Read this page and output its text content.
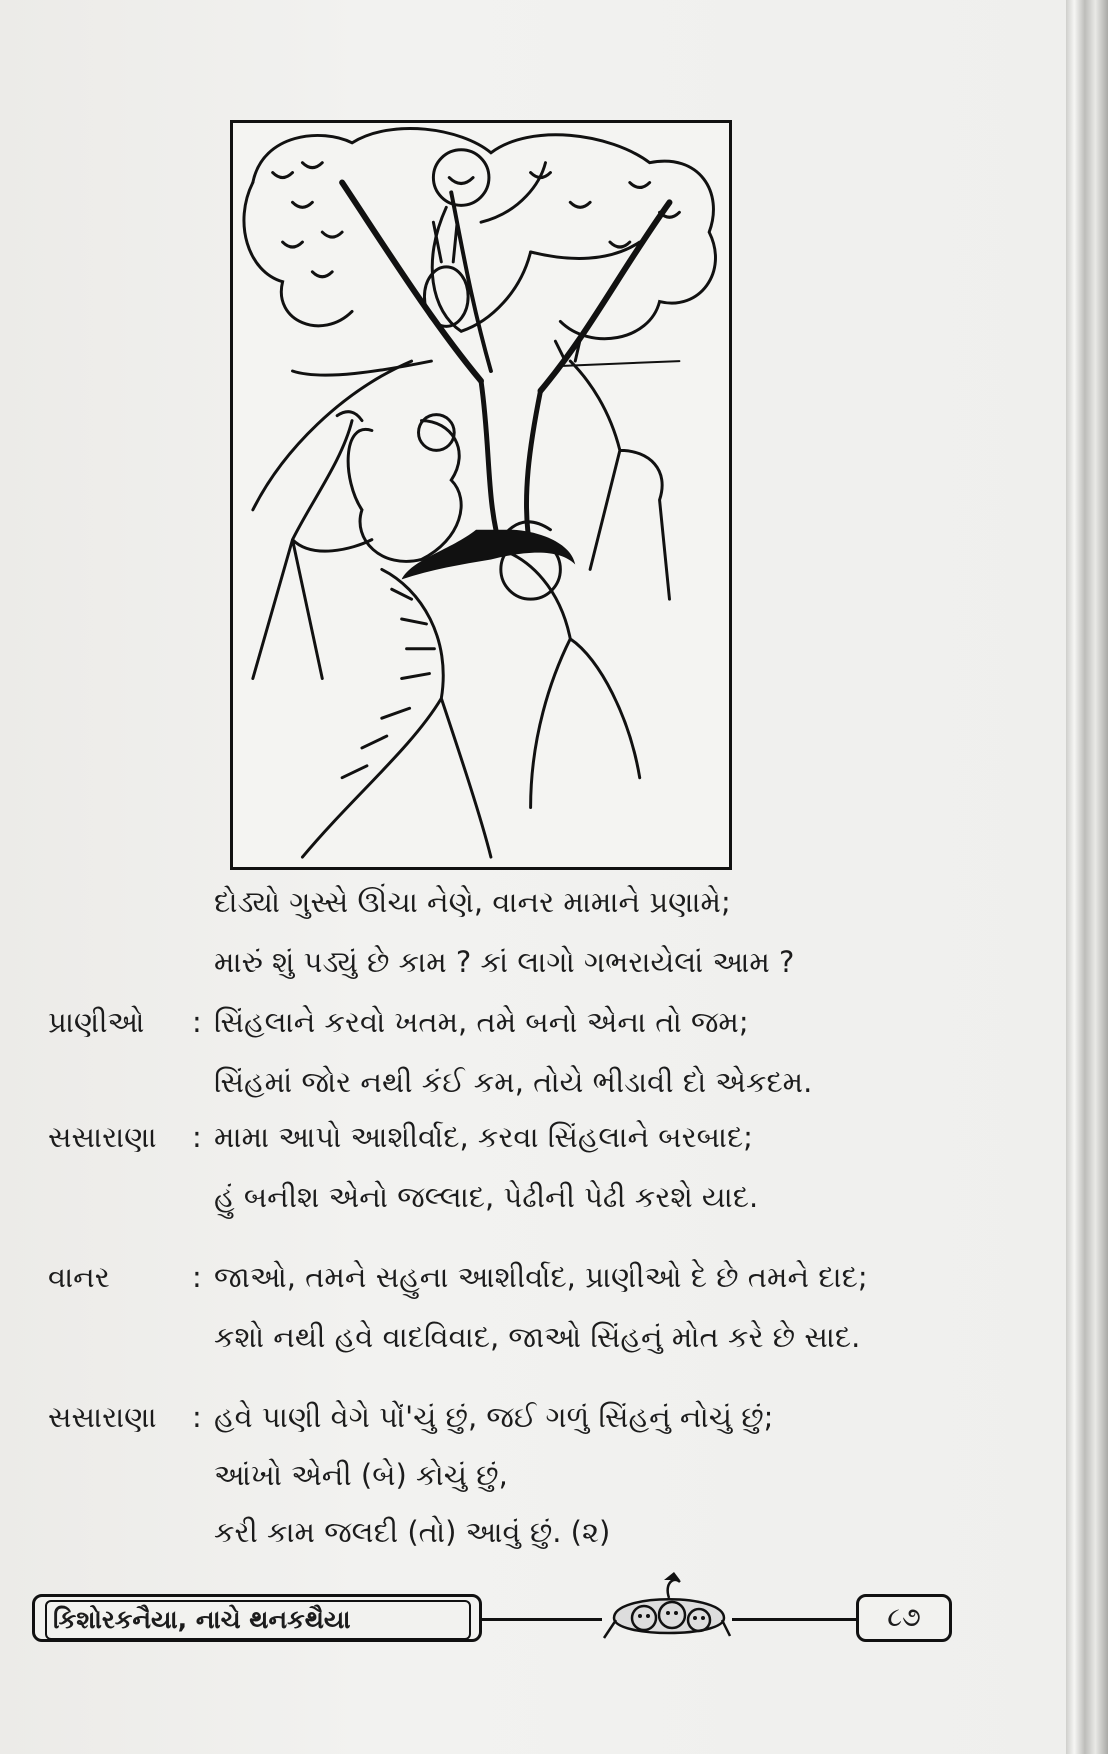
દોડ્યો ગુસ્સે ઊંચા નેણે, વાનર મામાને પ્રણામે;
મારું શું પડ્યું છે કામ ? કાં લાગો ગભરાયેલાં આમ ?
પ્રાણીઓ : સિંહલાને કરવો ખતમ, તમે બનો એના તો જમ;
સિંહમાં જોર નથી કંઈ કમ, તોયે ભીડાવી દો એકદમ.
સસારાણા : મામા આપો આશીર્વાદ, કરવા સિંહલાને બરબાદ;
હું બનીશ એનો જલ્લાદ, પેઢીની પેઢી કરશે યાદ.
વાનર	: જાઓ, તમને સહુના આશીર્વાદ, પ્રાણીઓ દે છે તમને દાદ;
કશો નથી હવે વાદવિવાદ, જાઓ સિંહનું મોત કરે છે સાદ.
સસારાણા : હવે પાણી વેગે પોં'ચું છું, જઈ ગળું સિંહનું નોચું છું;
આંખો એની (બે) કોચું છું,
કરી કામ જલદી (તો) આવું છું. (૨)
કિશોરકનૈયા, નાચે થનકથૈયા	૮૭
